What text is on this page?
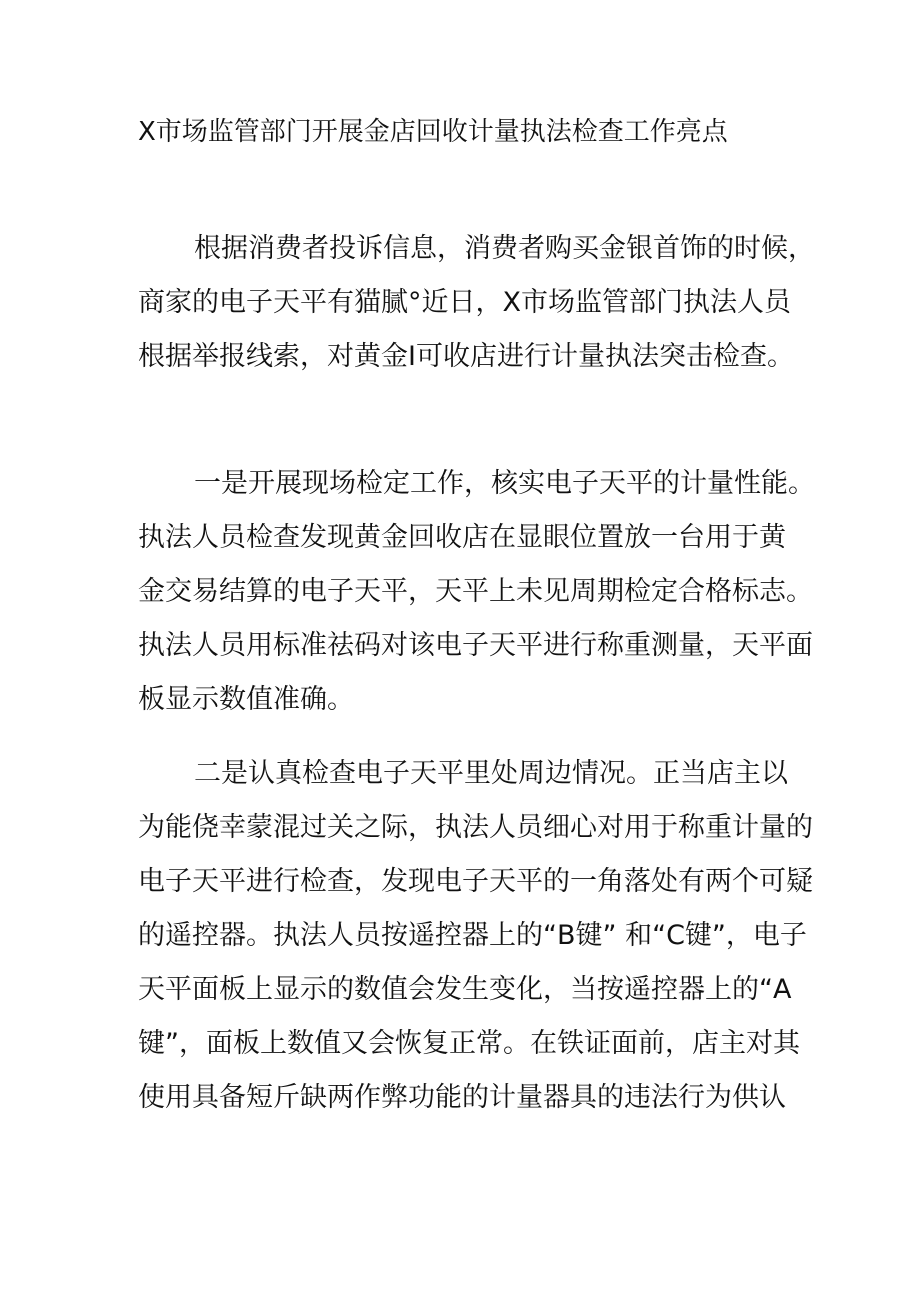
X市场监管部门开展金店回收计量执法检查工作亮点
根据消费者投诉信息，消费者购买金银首饰的时候，
商家的电子天平有猫腻°近日，X市场监管部门执法人员
根据举报线索，对黄金I可收店进行计量执法突击检查。
一是开展现场检定工作，核实电子天平的计量性能。
执法人员检查发现黄金回收店在显眼位置放一台用于黄
金交易结算的电子天平，天平上未见周期检定合格标志。
执法人员用标准祛码对该电子天平进行称重测量，天平面
板显示数值准确。
二是认真检查电子天平里处周边情况。正当店主以
为能侥幸蒙混过关之际，执法人员细心对用于称重计量的
电子天平进行检查，发现电子天平的一角落处有两个可疑
的遥控器。执法人员按遥控器上的“B键” 和“C键”，电子
天平面板上显示的数值会发生变化，当按遥控器上的“A
键”，面板上数值又会恢复正常。在铁证面前，店主对其
使用具备短斤缺两作弊功能的计量器具的违法行为供认
